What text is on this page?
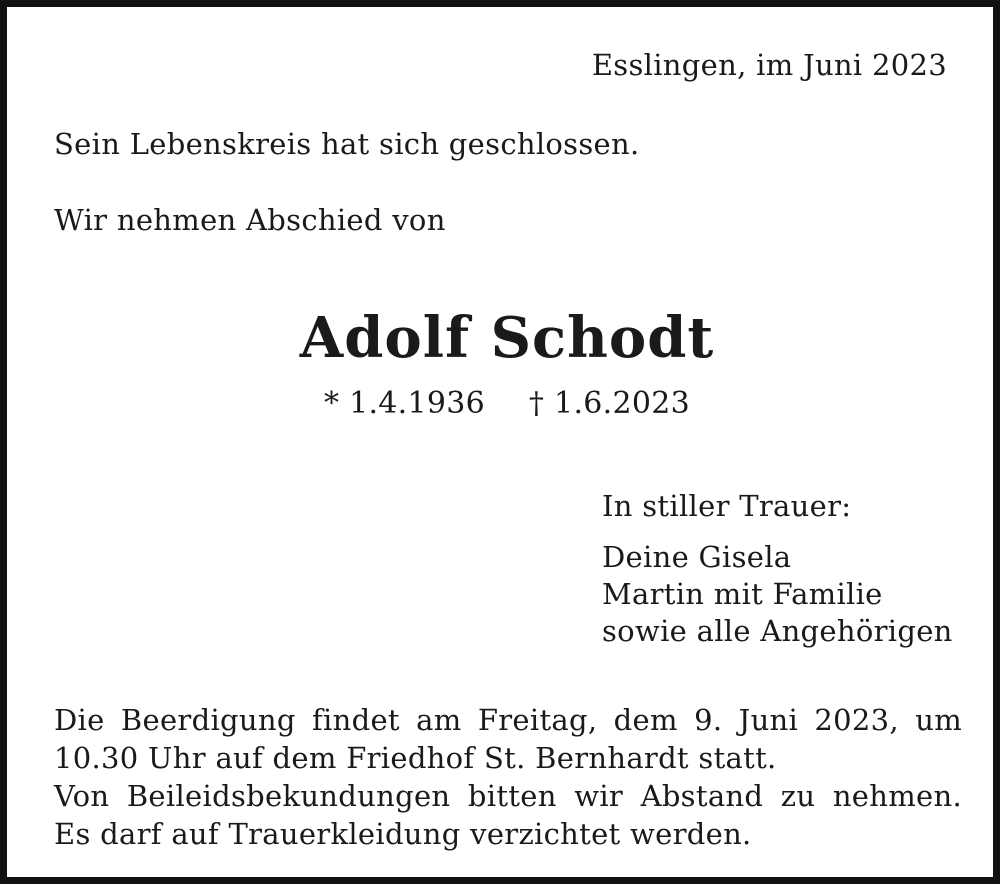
Esslingen, im Juni 2023
Sein Lebenskreis hat sich geschlossen.
Wir nehmen Abschied von
Adolf Schodt
* 1.4.1936 † 1.6.2023
In stiller Trauer:
Deine Gisela
Martin mit Familie
sowie alle Angehörigen
Die Beerdigung findet am Freitag, dem 9. Juni 2023, um
10.30 Uhr auf dem Friedhof St. Bernhardt statt.
Von Beileidsbekundungen bitten wir Abstand zu nehmen.
Es darf auf Trauerkleidung verzichtet werden.
